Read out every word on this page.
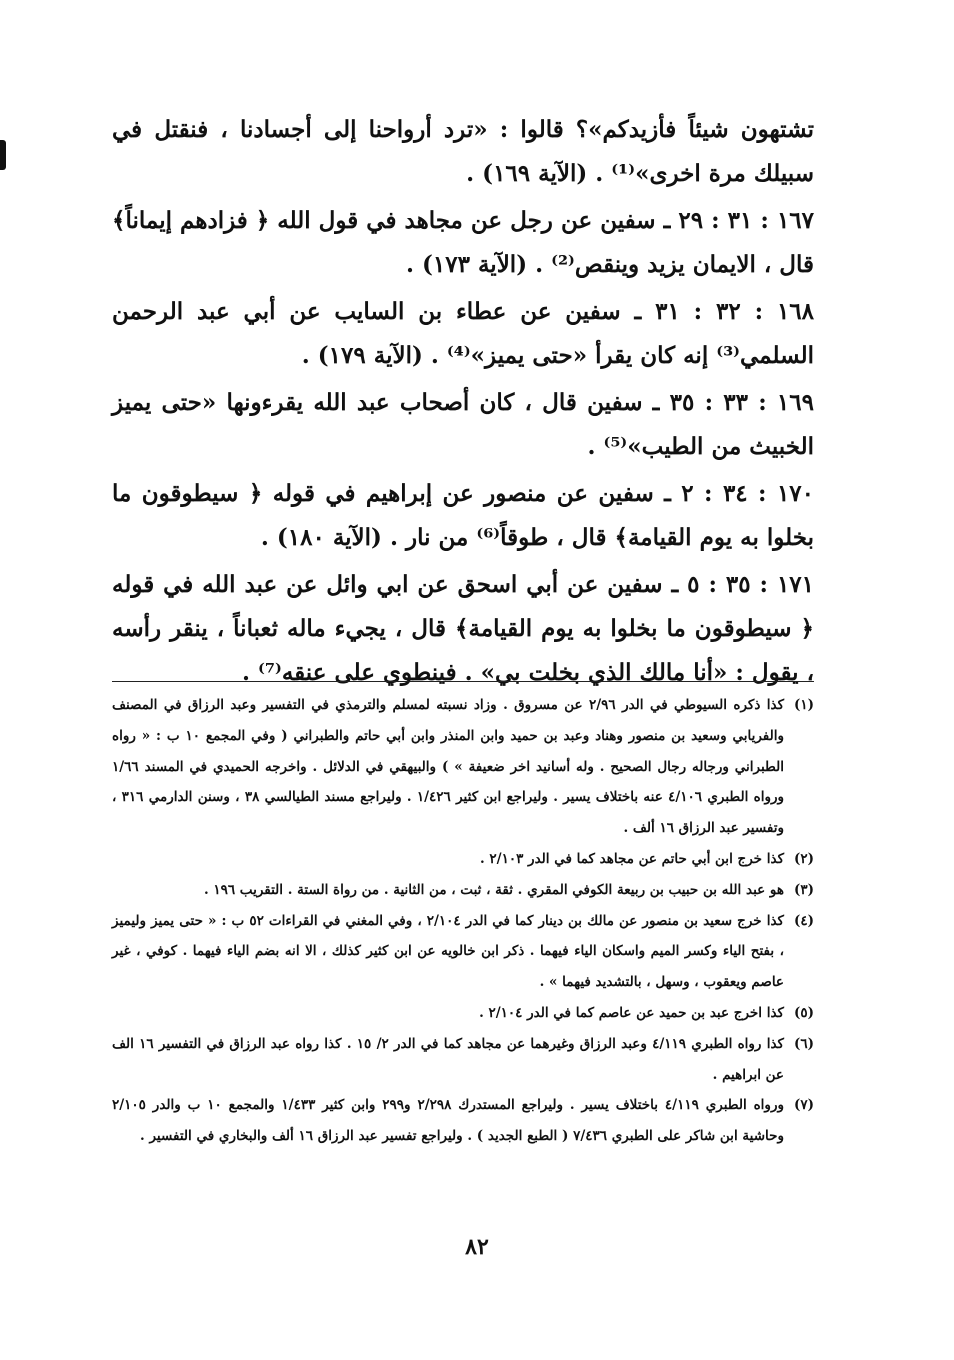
تشتهون شيئاً فأزيدكم»؟ قالوا : «ترد أرواحنا إلى أجسادنا ، فنقتل في سبيلك مرة اخرى»⁽¹⁾ . (الآية ١٦٩) .

١٦٧ : ٣١ : ٢٩ ـ سفين عن رجل عن مجاهد في قول الله ﴿ فزادهم إيماناً﴾ قال ، الايمان يزيد وينقص⁽²⁾ . (الآية ١٧٣) .

١٦٨ : ٣٢ : ٣١ ـ سفين عن عطاء بن السايب عن أبي عبد الرحمن السلمي⁽³⁾ إنه كان يقرأ «حتى يميز»⁽⁴⁾ . (الآية ١٧٩) .

١٦٩ : ٣٣ : ٣٥ ـ سفين قال ، كان أصحاب عبد الله يقرءونها «حتى يميز الخبيث من الطيب»⁽⁵⁾ .

١٧٠ : ٣٤ : ٢ ـ سفين عن منصور عن إبراهيم في قوله ﴿ سيطوقون ما بخلوا به يوم القيامة﴾ قال ، طوقاً⁽⁶⁾ من نار . (الآية ١٨٠) .

١٧١ : ٣٥ : ٥ ـ سفين عن أبي اسحق عن ابي وائل عن عبد الله في قوله ﴿ سيطوقون ما بخلوا به يوم القيامة﴾ قال ، يجيء ماله ثعباناً ، ينقر رأسه ، يقول : «أنا مالك الذي بخلت بي» . فينطوي على عنقه⁽⁷⁾ .

(١)
كذا ذكره السيوطي في الدر ٢/٩٦ عن مسروق . وزاد نسبته لمسلم والترمذي في التفسير وعبد الرزاق في المصنف والفريابي وسعيد بن منصور وهناد وعبد بن حميد وابن المنذر وابن أبي حاتم والطبراني ( وفي المجمع ١٠ ب : « رواه الطبراني ورجاله رجال الصحيح . وله أسانيد اخر ضعيفة » ) والبيهقي في الدلائل . واخرجه الحميدي في المسند ١/٦٦ ورواه الطبري ٤/١٠٦ عنه باختلاف يسير . وليراجع ابن كثير ١/٤٢٦ . وليراجع مسند الطيالسي ٣٨ ، وسنن الدارمي ٣١٦ ، وتفسير عبد الرزاق ١٦ ألف .
(٢)
كذا خرج ابن أبي حاتم عن مجاهد كما في الدر ٢/١٠٣ .
(٣)
هو عبد الله بن حبيب بن ربيعة الكوفي المقري . ثقة ، ثبت ، من الثانية . من رواة الستة . التقريب ١٩٦ .
(٤)
كذا خرج سعيد بن منصور عن مالك بن دينار كما في الدر ٢/١٠٤ ، وفي المغني في القراءات ٥٢ ب : « حتى يميز وليميز ، بفتح الياء وكسر الميم واسكان الياء فيهما . ذكر ابن خالويه عن ابن كثير كذلك ، الا انه بضم الياء فيهما . كوفي ، غير عاصم ويعقوب ، وسهل ، بالتشديد فيهما » .
(٥)
كذا اخرج عبد بن حميد عن عاصم كما في الدر ٢/١٠٤ .
(٦)
كذا رواه الطبري ٤/١١٩ وعبد الرزاق وغيرهما عن مجاهد كما في الدر ٢/ ١٥ . كذا رواه عبد الرزاق في التفسير ١٦ الف عن ابراهيم .
(٧)
ورواه الطبري ٤/١١٩ باختلاف يسير . وليراجع المستدرك ٢/٢٩٨ و٢٩٩ وابن كثير ١/٤٣٣ والمجمع ١٠ ب والدر ٢/١٠٥ وحاشية ابن شاكر على الطبري ٧/٤٣٦ ( الطبع الجديد ) . وليراجع تفسير عبد الرزاق ١٦ ألف والبخاري في التفسير .
٨٢
